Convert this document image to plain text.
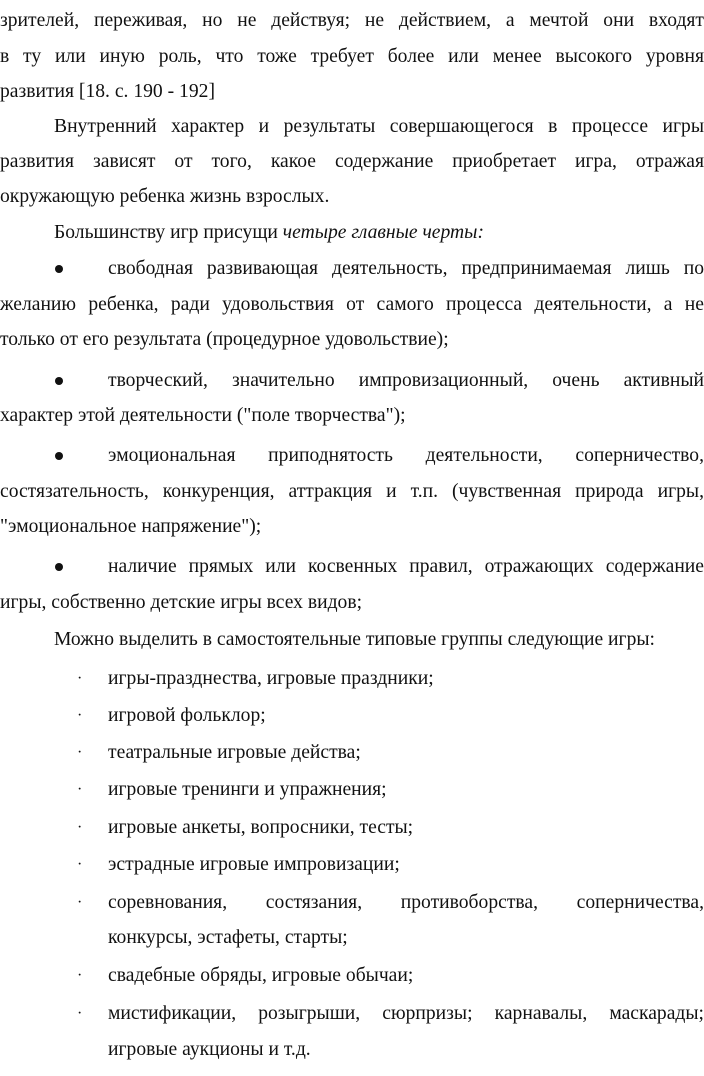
зрителей, переживая, но не действуя; не действием, а мечтой они входят
в ту или иную роль, что тоже требует более или менее высокого уровня
развития [18. с. 190 - 192]
Внутренний характер и результаты совершающегося в процессе игры
развития зависят от того, какое содержание приобретает игра, отражая
окружающую ребенка жизнь взрослых.
Большинству игр присущи четыре главные черты:
свободная развивающая деятельность, предпринимаемая лишь по
желанию ребенка, ради удовольствия от самого процесса деятельности, а не
только от его результата (процедурное удовольствие);
творческий, значительно импровизационный, очень активный
характер этой деятельности ("поле творчества");
эмоциональная приподнятость деятельности, соперничество,
состязательность, конкуренция, аттракция и т.п. (чувственная природа игры,
"эмоциональное напряжение");
наличие прямых или косвенных правил, отражающих содержание
игры, собственно детские игры всех видов;
Можно выделить в самостоятельные типовые группы следующие игры:
· игры-празднества, игровые праздники;
· игровой фольклор;
· театральные игровые действа;
· игровые тренинги и упражнения;
· игровые анкеты, вопросники, тесты;
· эстрадные игровые импровизации;
· соревнования, состязания, противоборства, соперничества,
конкурсы, эстафеты, старты;
· свадебные обряды, игровые обычаи;
· мистификации, розыгрыши, сюрпризы; карнавалы, маскарады;
игровые аукционы и т.д.
